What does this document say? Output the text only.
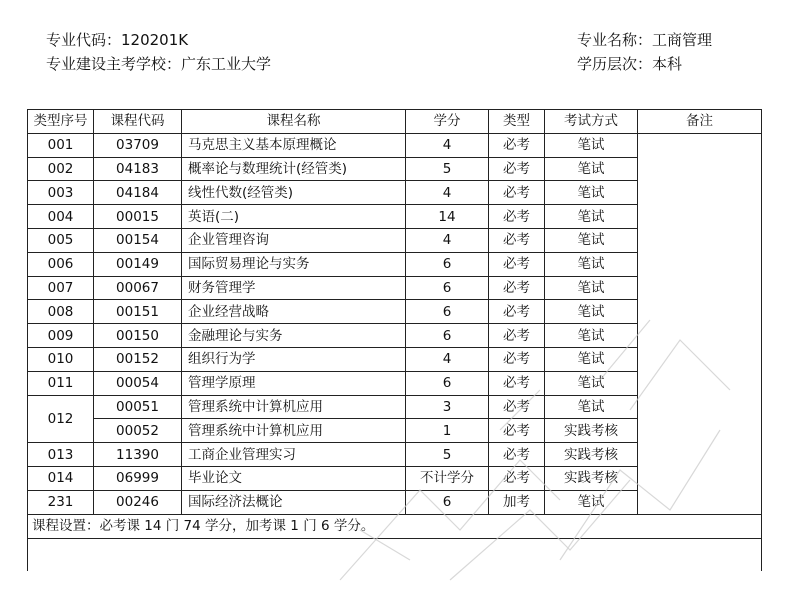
专业代码：120201K
专业建设主考学校：广东工业大学
专业名称：工商管理
学历层次：本科
类型序号	课程代码	课程名称	学分	类型	考试方式	备注
001	03709	马克思主义基本原理概论	4	必考	笔试	
002	04183	概率论与数理统计(经管类)	5	必考	笔试	
003	04184	线性代数(经管类)	4	必考	笔试	
004	00015	英语(二)	14	必考	笔试	
005	00154	企业管理咨询	4	必考	笔试	
006	00149	国际贸易理论与实务	6	必考	笔试	
007	00067	财务管理学	6	必考	笔试	
008	00151	企业经营战略	6	必考	笔试	
009	00150	金融理论与实务	6	必考	笔试	
010	00152	组织行为学	4	必考	笔试	
011	00054	管理学原理	6	必考	笔试	
012	00051	管理系统中计算机应用	3	必考	笔试	
	00052	管理系统中计算机应用	1	必考	实践考核	
013	11390	工商企业管理实习	5	必考	实践考核	
014	06999	毕业论文	不计学分	必考	实践考核	
231	00246	国际经济法概论	6	加考	笔试	
课程设置：必考课 14 门 74 学分，加考课 1 门 6 学分。						
